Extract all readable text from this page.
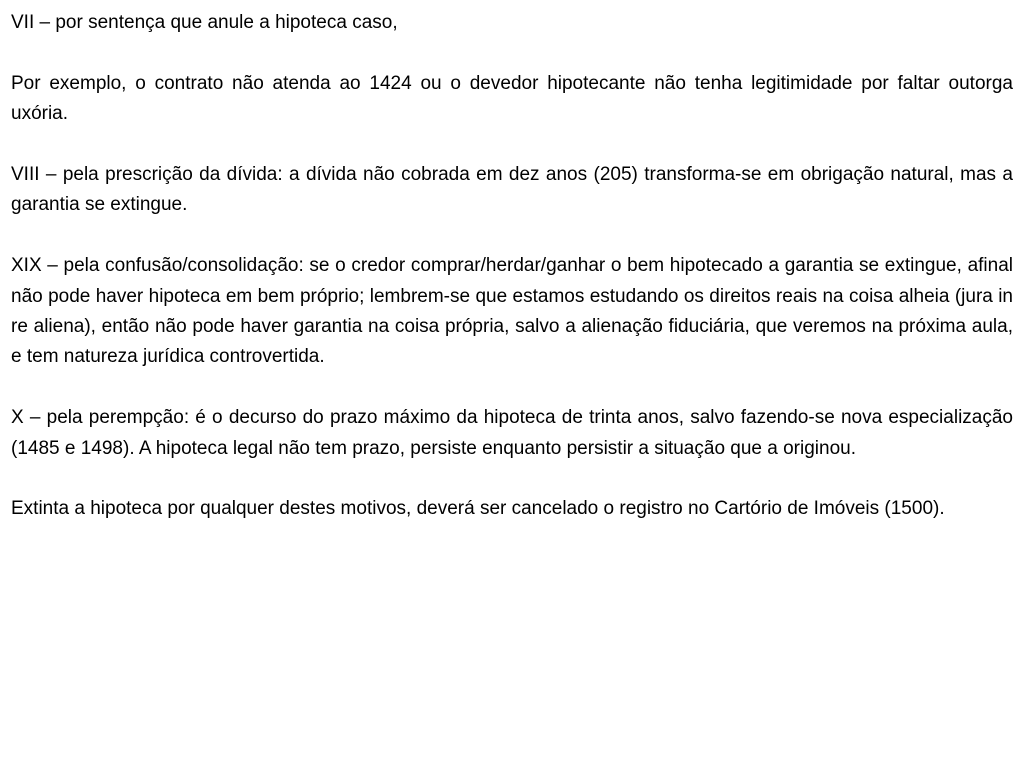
VII – por sentença que anule a hipoteca caso,

Por exemplo, o contrato não atenda ao 1424 ou o devedor hipotecante não tenha legitimidade por faltar outorga uxória.

VIII – pela prescrição da dívida: a dívida não cobrada em dez anos (205) transforma-se em obrigação natural, mas a garantia se extingue.

XIX – pela confusão/consolidação: se o credor comprar/herdar/ganhar o bem hipotecado a garantia se extingue, afinal não pode haver hipoteca em bem próprio; lembrem-se que estamos estudando os direitos reais na coisa alheia (jura in re aliena), então não pode haver garantia na coisa própria, salvo a alienação fiduciária, que veremos na próxima aula, e tem natureza jurídica controvertida.

X – pela perempção: é o decurso do prazo máximo da hipoteca de trinta anos, salvo fazendo-se nova especialização (1485 e 1498). A hipoteca legal não tem prazo, persiste enquanto persistir a situação que a originou.

Extinta a hipoteca por qualquer destes motivos, deverá ser cancelado o registro no Cartório de Imóveis (1500).
